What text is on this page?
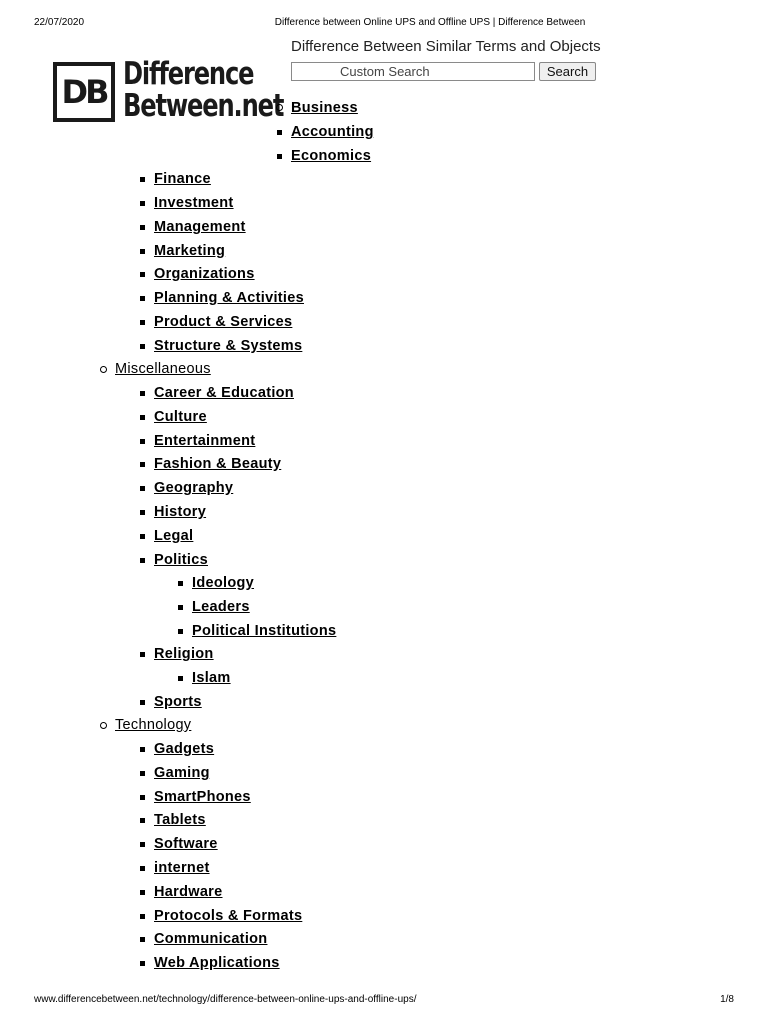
22/07/2020	Difference between Online UPS and Offline UPS | Difference Between
DB Difference
Between.net
Difference Between Similar Terms and Objects
Custom Search
Search
Business
Accounting
Economics
Finance
Investment
Management
Marketing
Organizations
Planning & Activities
Product & Services
Structure & Systems
Miscellaneous
Career & Education
Culture
Entertainment
Fashion & Beauty
Geography
History
Legal
Politics
Ideology
Leaders
Political Institutions
Religion
Islam
Sports
Technology
Gadgets
Gaming
SmartPhones
Tablets
Software
internet
Hardware
Protocols & Formats
Communication
Web Applications
www.differencebetween.net/technology/difference-between-online-ups-and-offline-ups/	1/8
